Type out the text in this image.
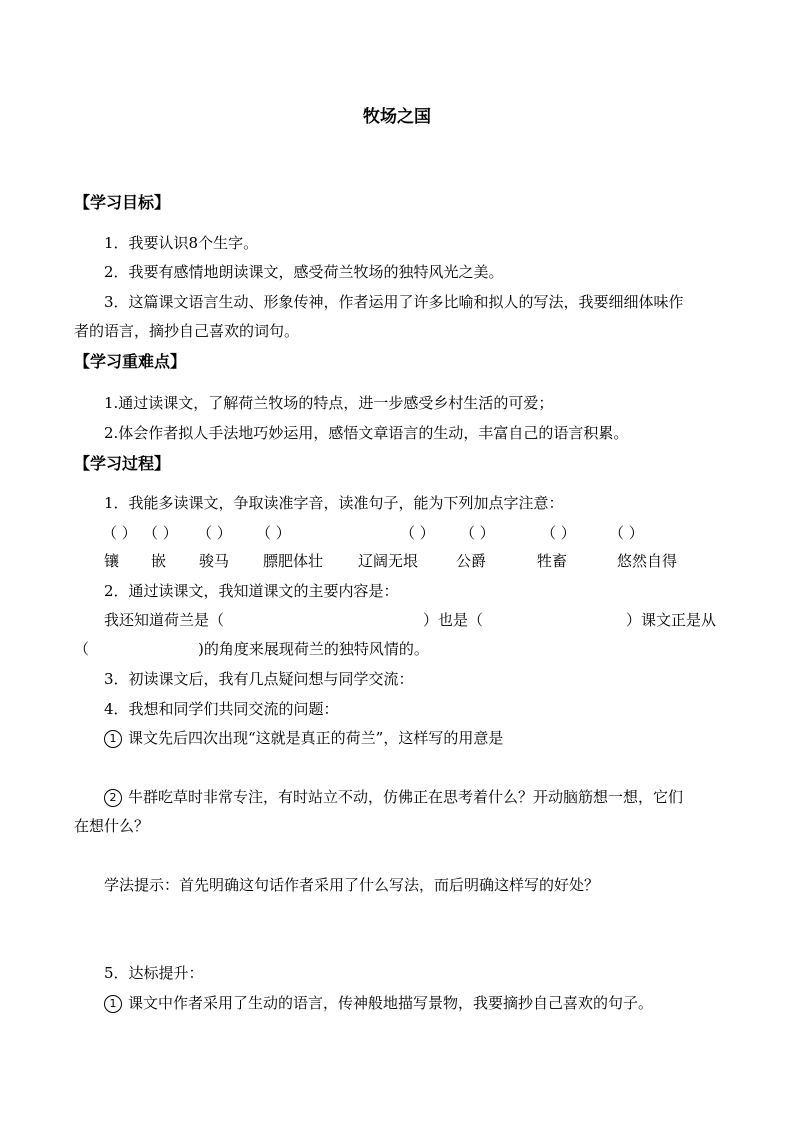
牧场之国
【学习目标】
1．我要认识8个生字。
2．我要有感情地朗读课文，感受荷兰牧场的独特风光之美。
3．这篇课文语言生动、形象传神，作者运用了许多比喻和拟人的写法，我要细细体味作
者的语言，摘抄自己喜欢的词句。
【学习重难点】
1.通过读课文，了解荷兰牧场的特点，进一步感受乡村生活的可爱；
2.体会作者拟人手法地巧妙运用，感悟文章语言的生动，丰富自己的语言积累。
【学习过程】
1．我能多读课文，争取读准字音，读准句子，能为下列加点字注意：
（ ） （ ） （ ） （ ）	（ ） （ ）	（ ） （ ）
镶 嵌 骏马 膘肥体壮 辽阔无垠	公爵	牲畜	悠然自得
2．通过读课文，我知道课文的主要内容是：
我还知道荷兰是（	）也是（	）课文正是从
（	)的角度来展现荷兰的独特风情的。
3．初读课文后，我有几点疑问想与同学交流：
4．我想和同学们共同交流的问题：
1 课文先后四次出现“这就是真正的荷兰”，这样写的用意是
2 牛群吃草时非常专注，有时站立不动，仿佛正在思考着什么？开动脑筋想一想，它们
在想什么？
学法提示：首先明确这句话作者采用了什么写法，而后明确这样写的好处？
5．达标提升：
1 课文中作者采用了生动的语言，传神般地描写景物，我要摘抄自己喜欢的句子。
